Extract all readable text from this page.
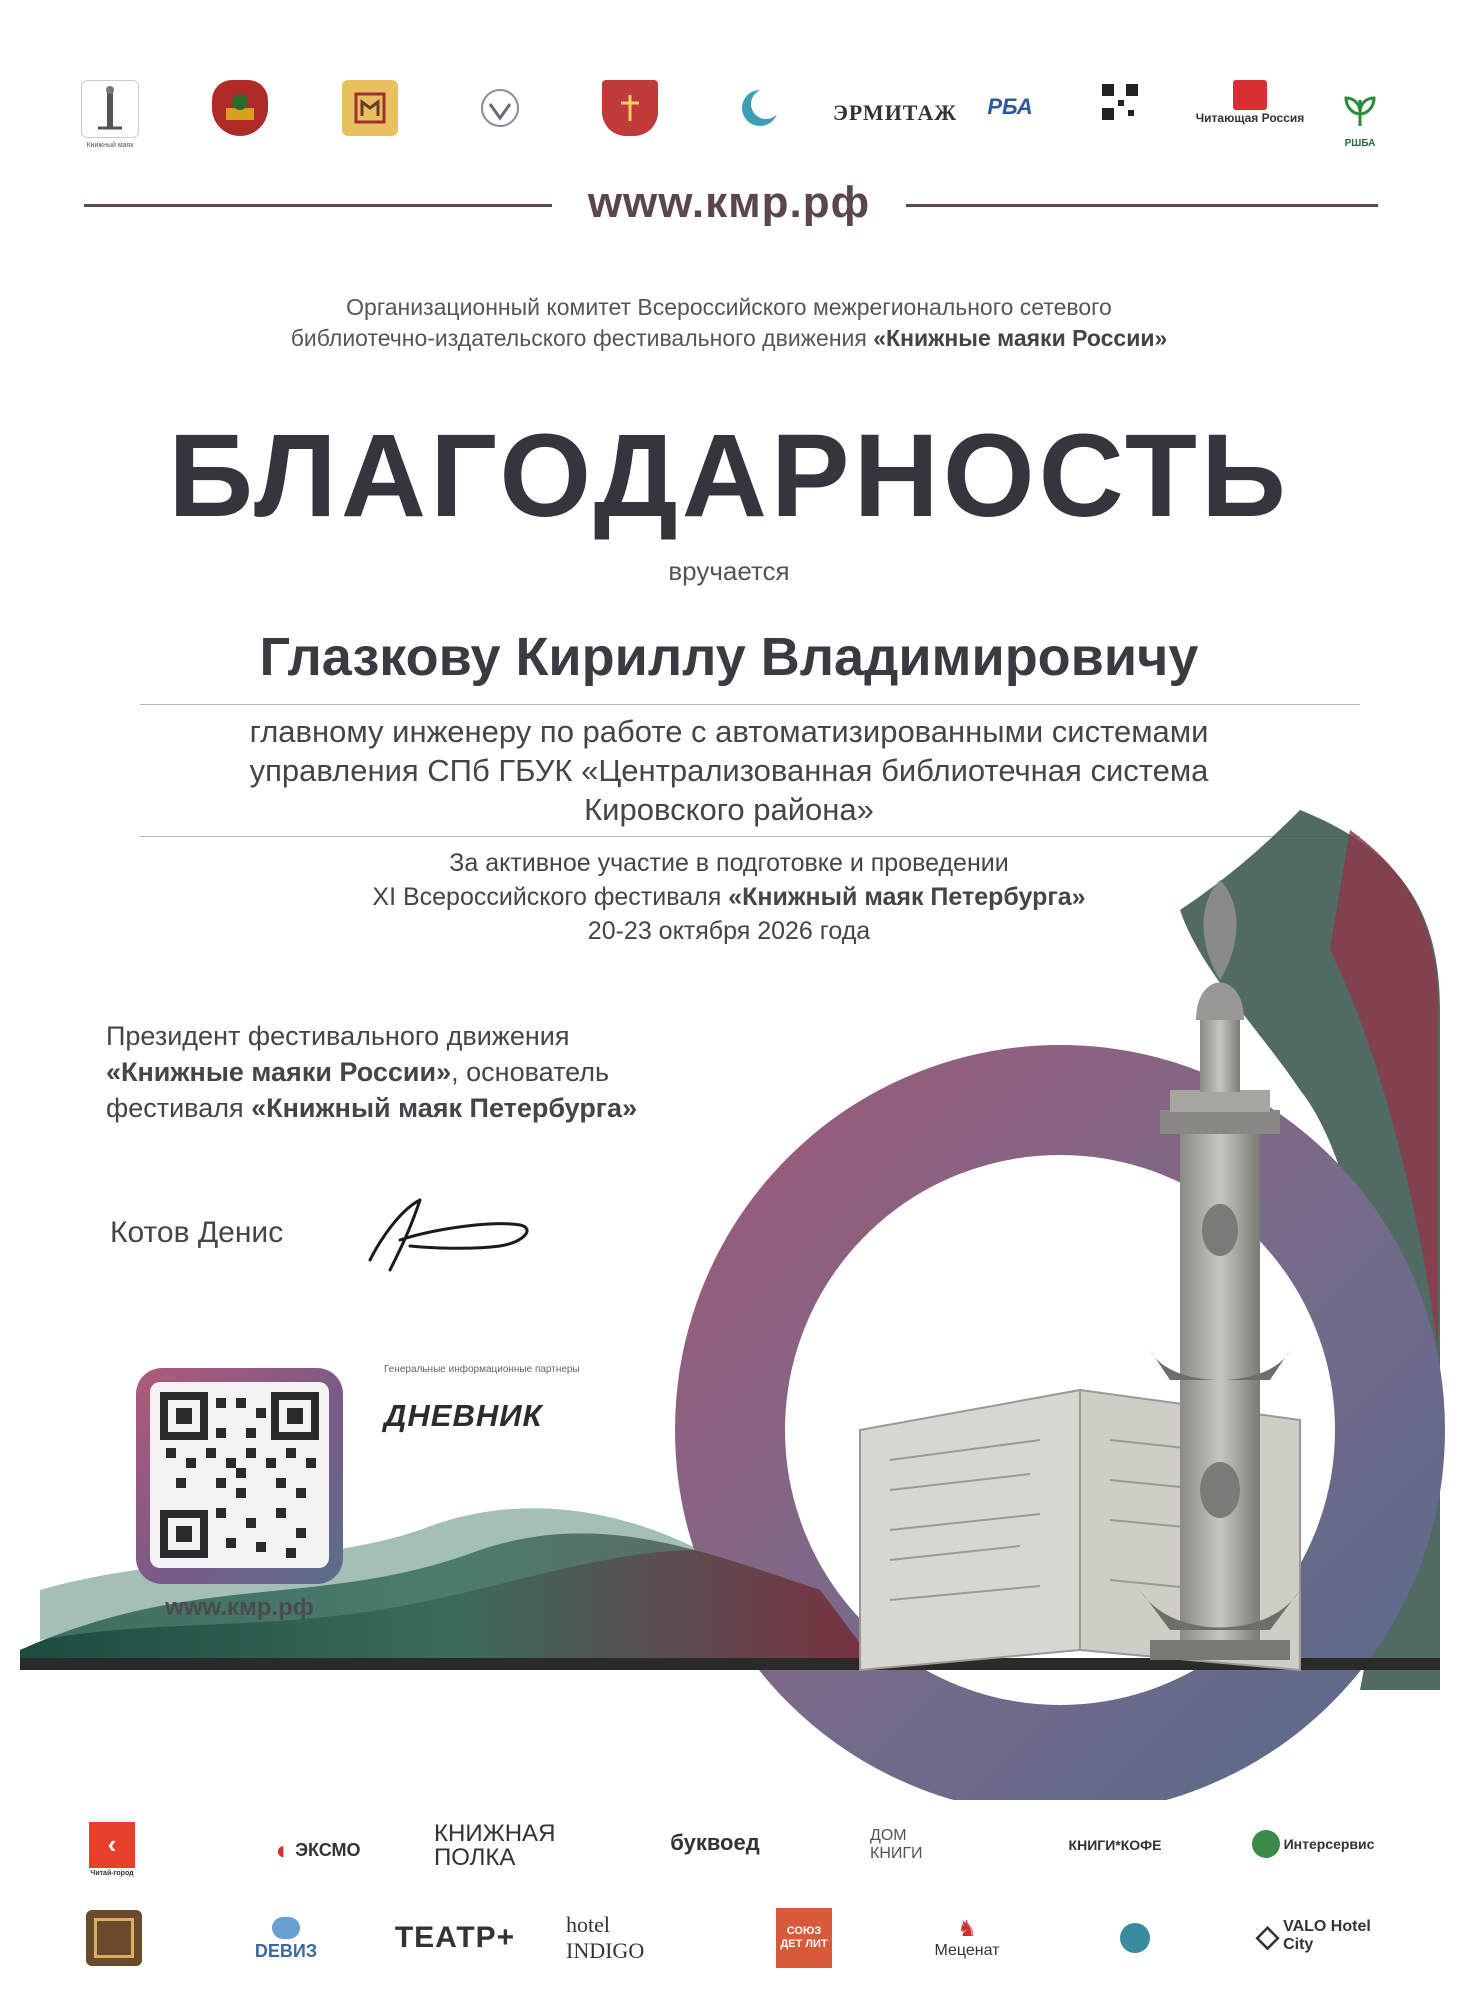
Книжный маяк
ЭРМИТАЖ РБА	Читающая Россия
РШБА
www.кмр.рф
Организационный комитет Всероссийского межрегионального сетевого
библиотечно-издательского фестивального движения «Книжные маяки России»
БЛАГОДАРНОСТЬ
вручается
Глазкову Кириллу Владимировичу
главному инженеру по работе с автоматизированными системами
управления СПб ГБУК «Централизованная библиотечная система
Кировского района»
За активное участие в подготовке и проведении
XI Всероссийского фестиваля «Книжный маяк Петербурга»
20-23 октября 2026 года
Президент фестивального движения
«Книжные маяки России», основатель
фестиваля «Книжный маяк Петербурга»
Котов Денис
www.кмр.рф
Генеральные информационные партнеры
ДНЕВНИК
‹
Читай-город
◐ ЭКСМО
КНИЖНАЯ ПОЛКА
буквоед	ДОМ КНИГИ	КНИГИ*КОФЕ	Интерсервис
DEBИЗ	ТЕАТР+ hotel INDIGO
СОЮЗ ДЕТ ЛИТ
♞
Меценат	◇ VALO Hotel City
